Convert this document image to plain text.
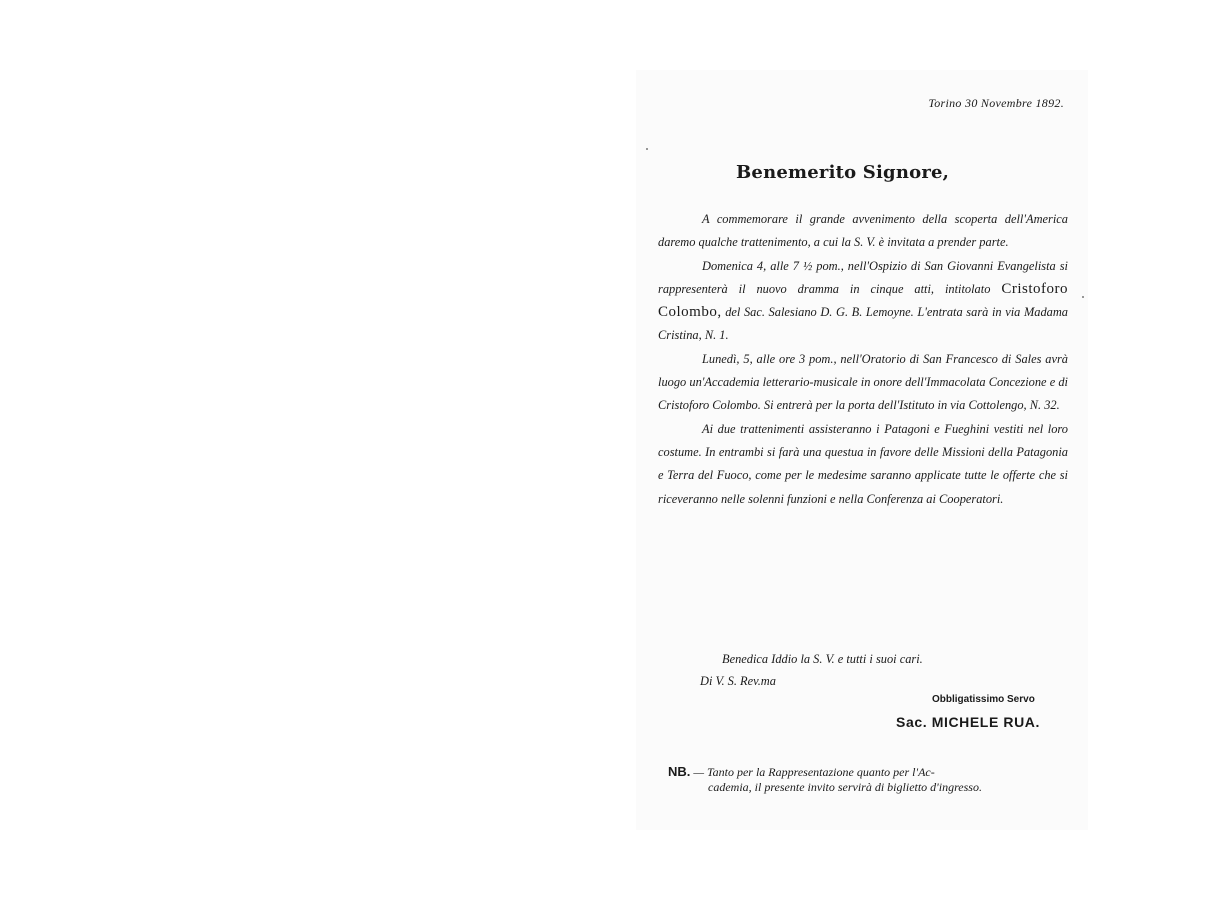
Torino 30 Novembre 1892.
Benemerito Signore,

A commemorare il grande avvenimento della scoperta dell'America daremo qualche trattenimento, a cui la S. V. è invitata a prender parte.

Domenica 4, alle 7 ½ pom., nell'Ospizio di San Giovanni Evangelista si rappresenterà il nuovo dramma in cinque atti, intitolato Cristoforo Colombo, del Sac. Salesiano D. G. B. Lemoyne. L'entrata sarà in via Madama Cristina, N. 1.

Lunedì, 5, alle ore 3 pom., nell'Oratorio di San Francesco di Sales avrà luogo un'Accademia letterario-musicale in onore dell'Immacolata Concezione e di Cristoforo Colombo. Si entrerà per la porta dell'Istituto in via Cottolengo, N. 32.

Ai due trattenimenti assisteranno i Patagoni e Fueghini vestiti nel loro costume. In entrambi si farà una questua in favore delle Missioni della Patagonia e Terra del Fuoco, come per le medesime saranno applicate tutte le offerte che si riceveranno nelle solenni funzioni e nella Conferenza ai Cooperatori.

Benedica Iddio la S. V. e tutti i suoi cari.
Di V. S. Rev.ma
Obbligatissimo Servo
Sac. MICHELE RUA.
NB. — Tanto per la Rappresentazione quanto per l'Ac-
cademia, il presente invito servirà di biglietto d'ingresso.
